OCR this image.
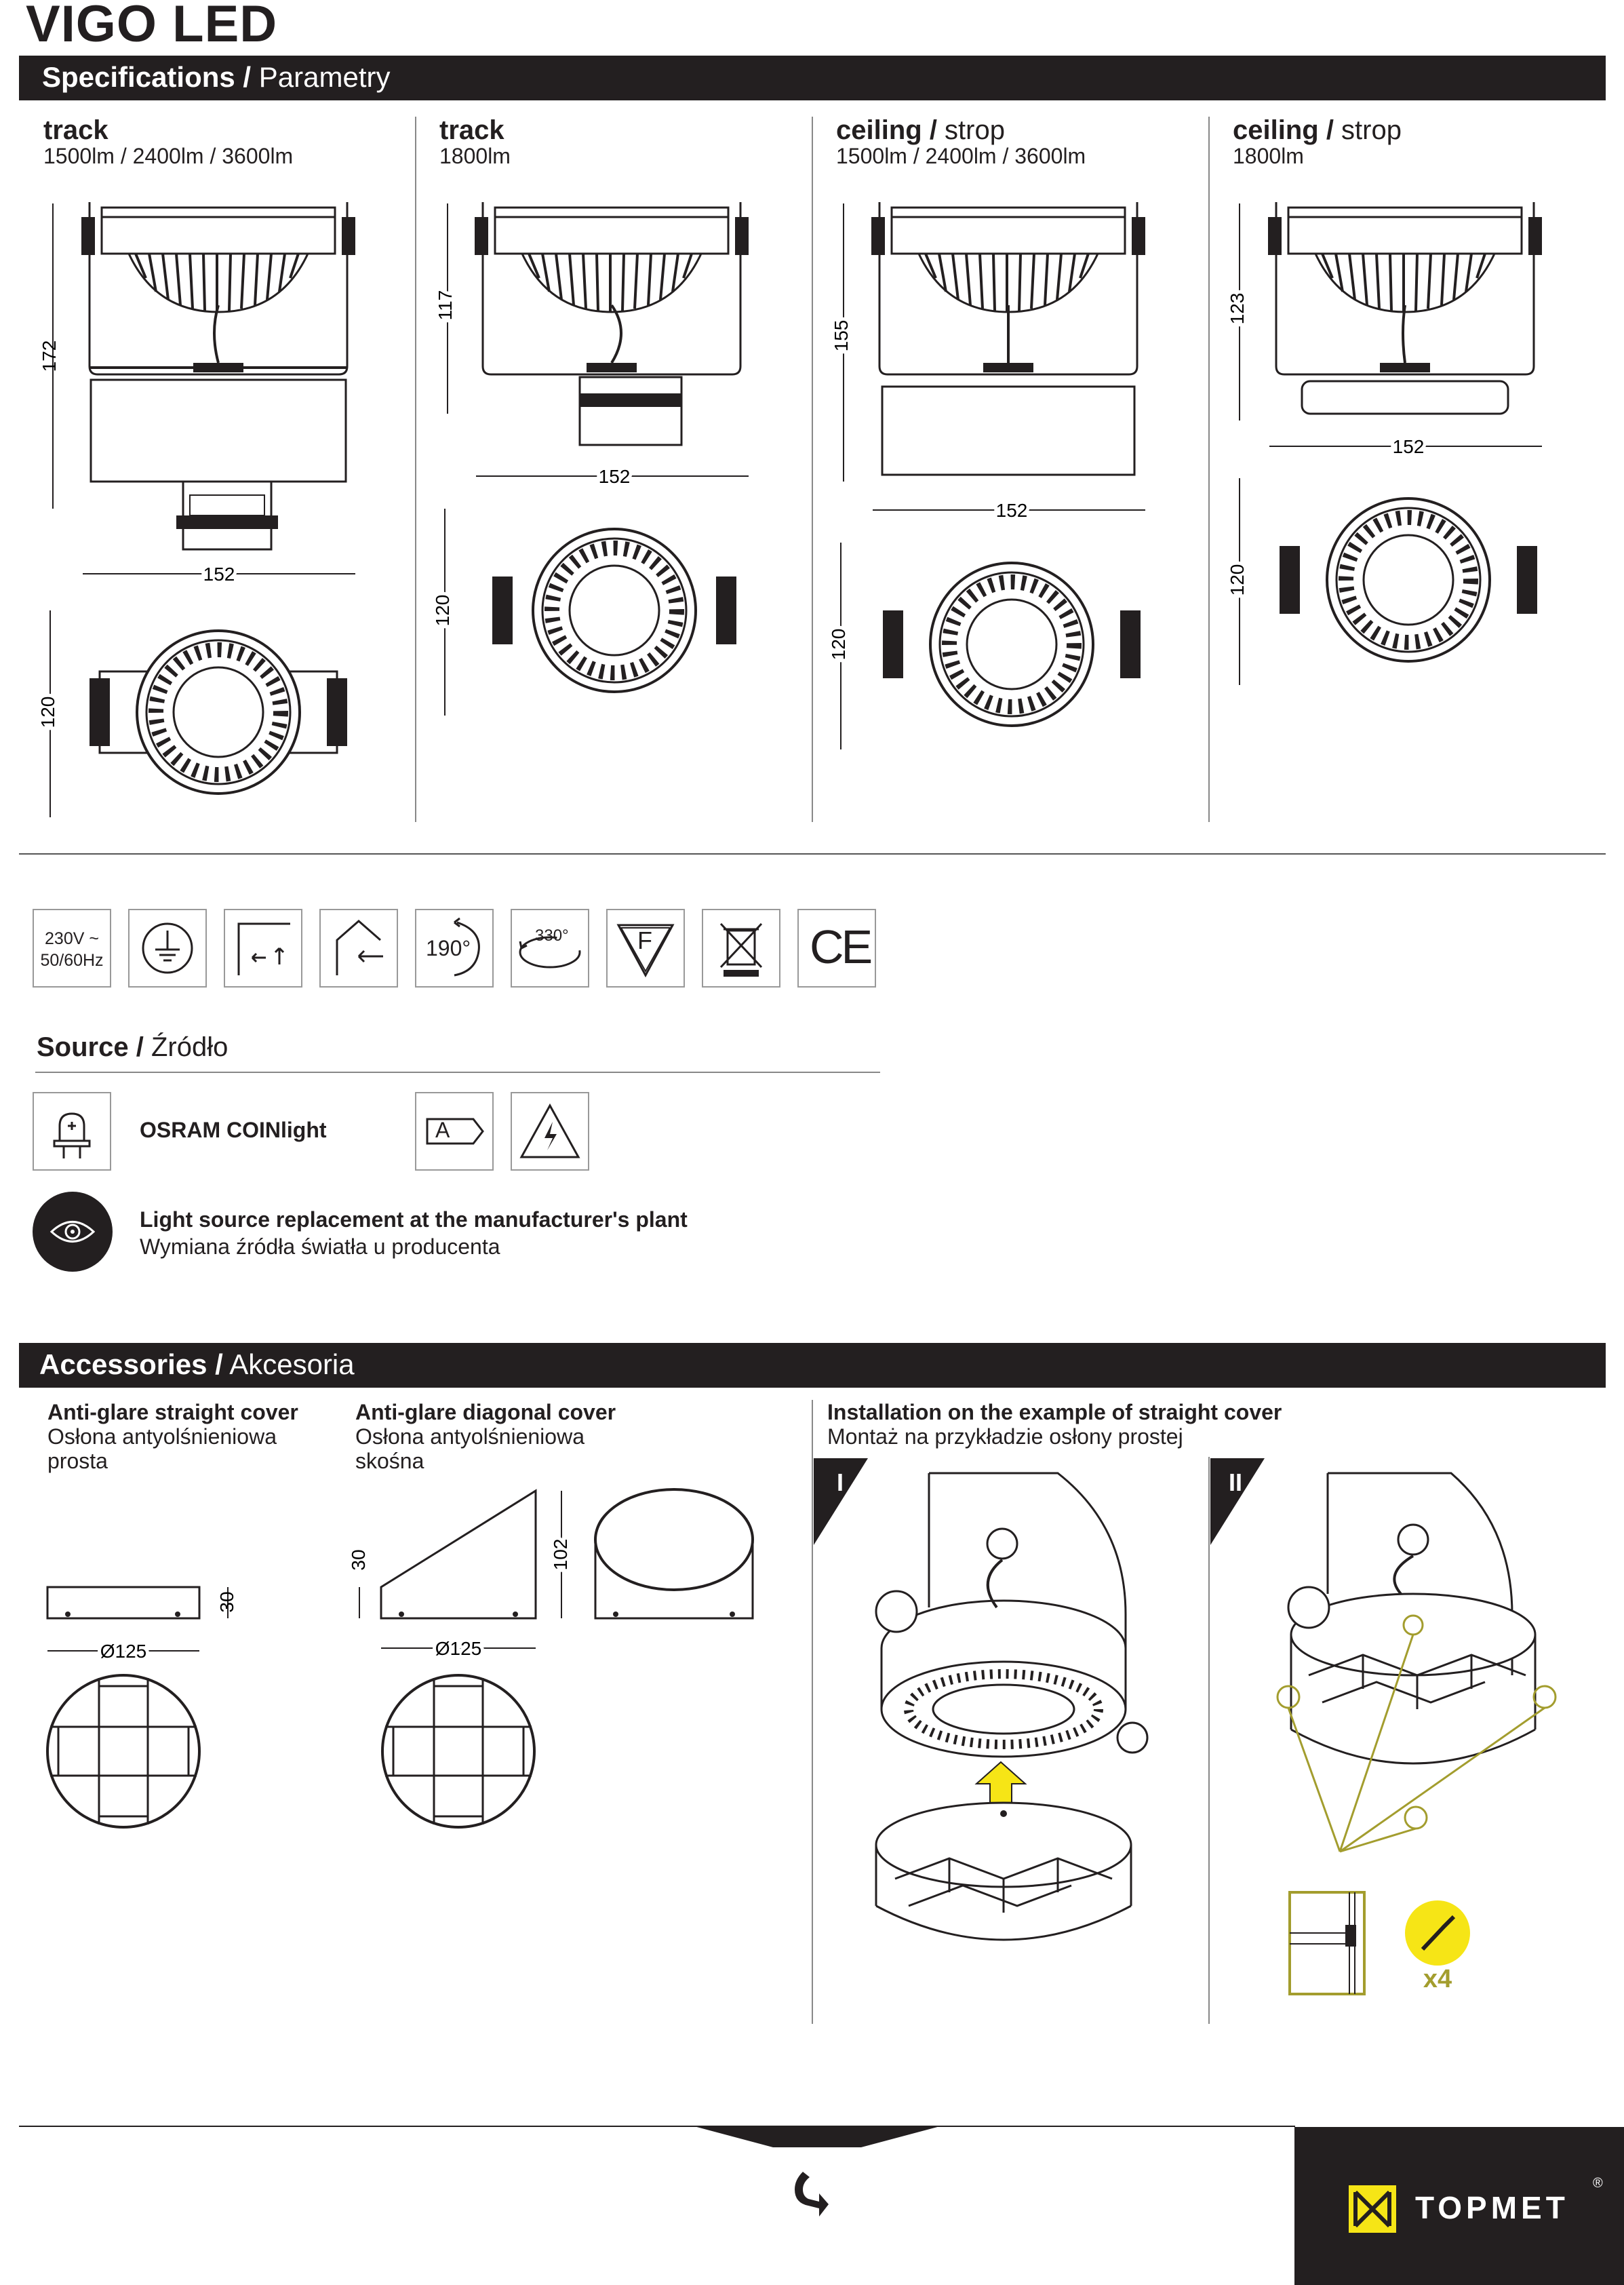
VIGO LED
Specifications / Parametry
track
1500lm / 2400lm / 3600lm
track
1800lm
ceiling / strop
1500lm / 2400lm / 3600lm
ceiling / strop
1800lm
172
152
120
117
152
120
155
152
120
123
152
120
230V ~
50/60Hz	190°
330°	F	CE
Source / Źródło
OSRAM COINlight	A
Light source replacement at the manufacturer's plant
Wymiana źródła światła u producenta
Accessories / Akcesoria
Anti-glare straight cover
Osłona antyolśnieniowa
prosta
Anti-glare diagonal cover
Osłona antyolśnieniowa
skośna
Installation on the example of straight cover
Montaż na przykładzie osłony prostej
30
Ø125
30	102
Ø125
I	II
x4
TOPMET
®
